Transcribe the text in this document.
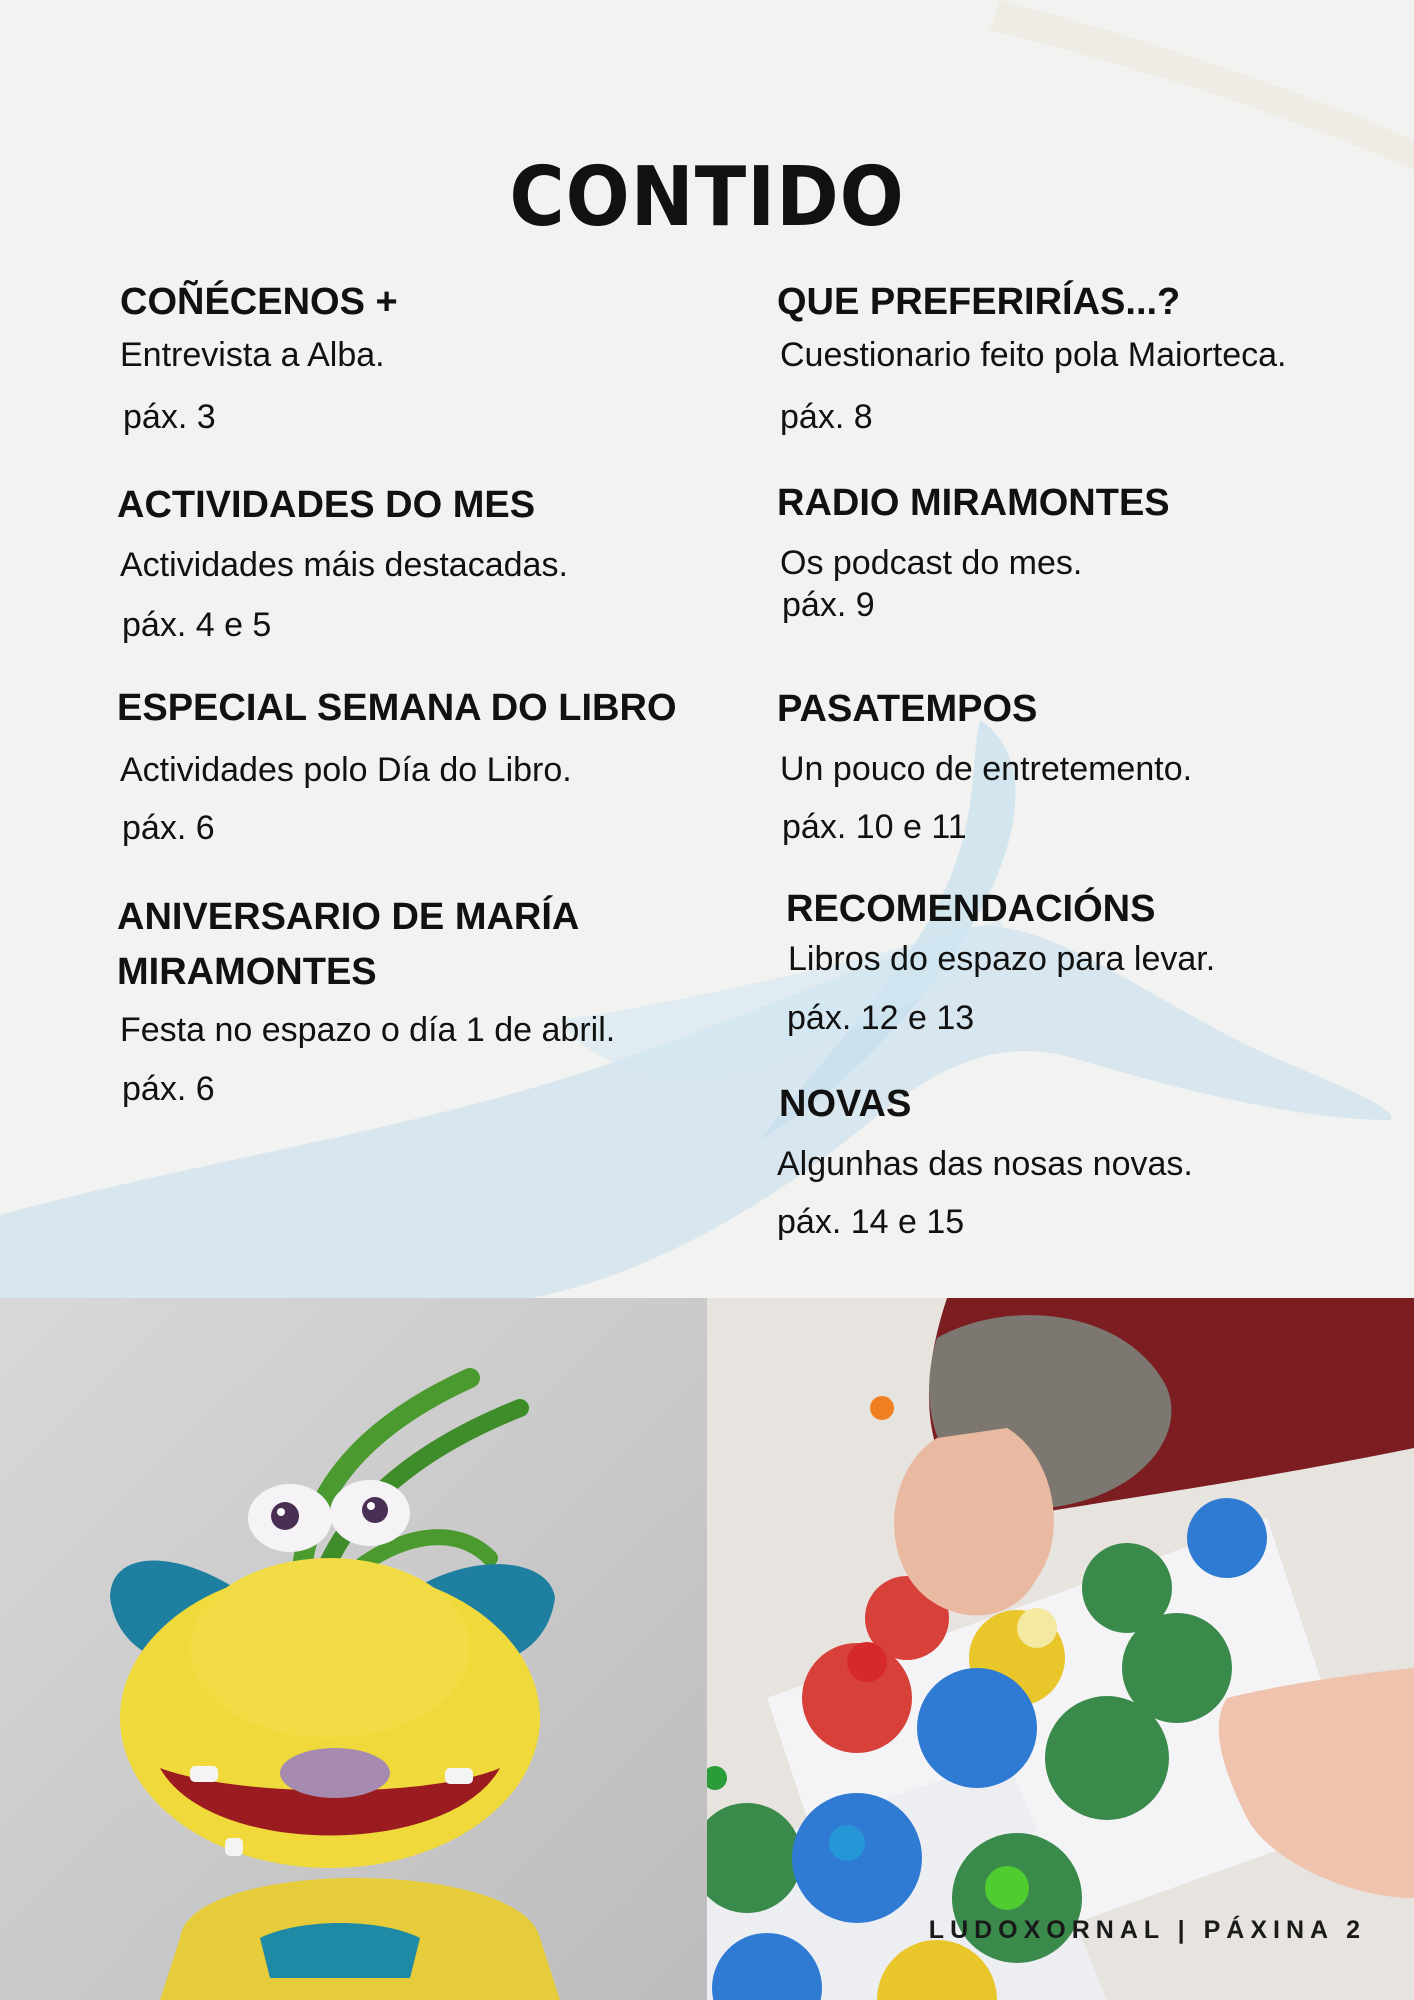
CONTIDO

COÑÉCENOS +

Entrevista a Alba.

páx. 3

ACTIVIDADES DO MES

Actividades máis destacadas.

páx. 4 e 5

ESPECIAL SEMANA DO LIBRO

Actividades polo Día do Libro.

páx. 6

ANIVERSARIO DE MARÍA

MIRAMONTES

Festa no espazo o día 1 de abril.

páx. 6

QUE PREFERIRÍAS...?

Cuestionario feito pola Maiorteca.

páx. 8

RADIO MIRAMONTES

Os podcast do mes.

páx. 9

PASATEMPOS

Un pouco de entretemento.

páx. 10 e 11

RECOMENDACIÓNS

Libros do espazo para levar.

páx. 12 e 13

NOVAS

Algunhas das nosas novas.

páx. 14 e 15

LUDOXORNAL | PÁXINA 2
